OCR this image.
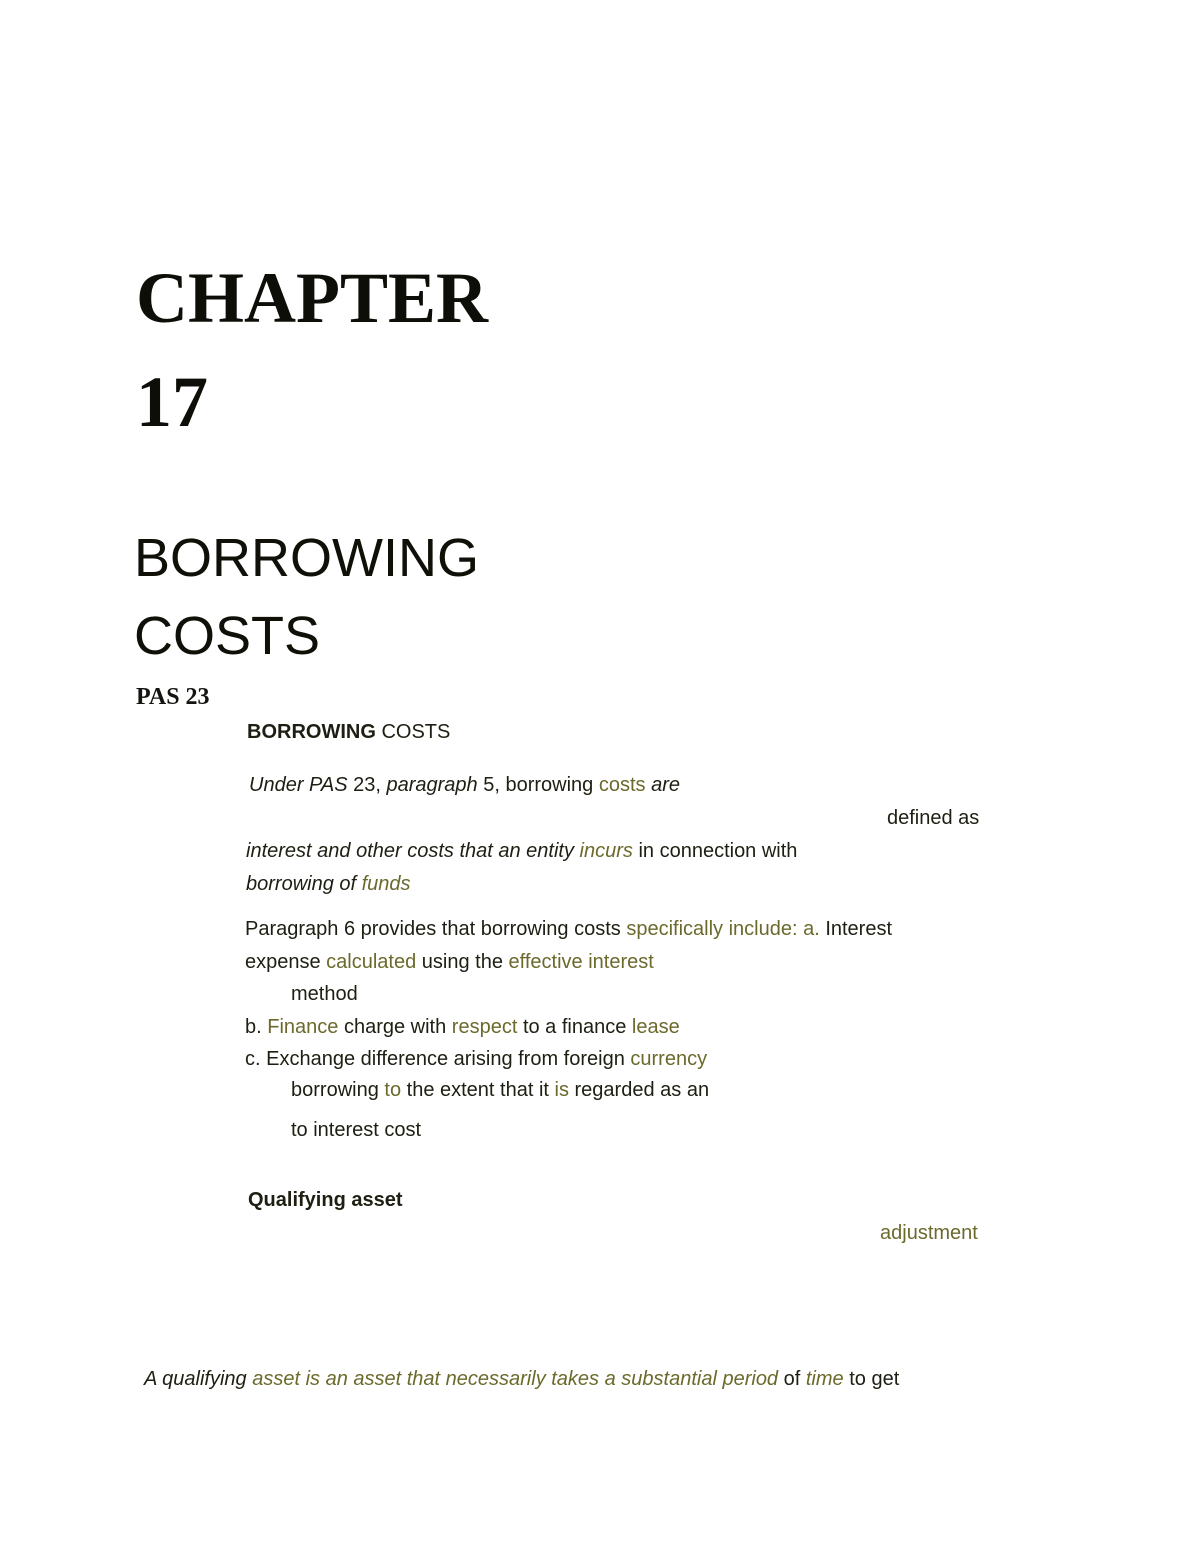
CHAPTER
17
BORROWING
COSTS
PAS 23
BORROWING COSTS
Under PAS 23, paragraph 5, borrowing costs are
defined as
interest and other costs that an entity incurs in connection with
borrowing of funds
Paragraph 6 provides that borrowing costs specifically include: a. Interest
expense calculated using the effective interest
method
b. Finance charge with respect to a finance lease
c. Exchange difference arising from foreign currency
borrowing to the extent that it is regarded as an
to interest cost
Qualifying asset
adjustment
A qualifying asset is an asset that necessarily takes a substantial period of time to get
